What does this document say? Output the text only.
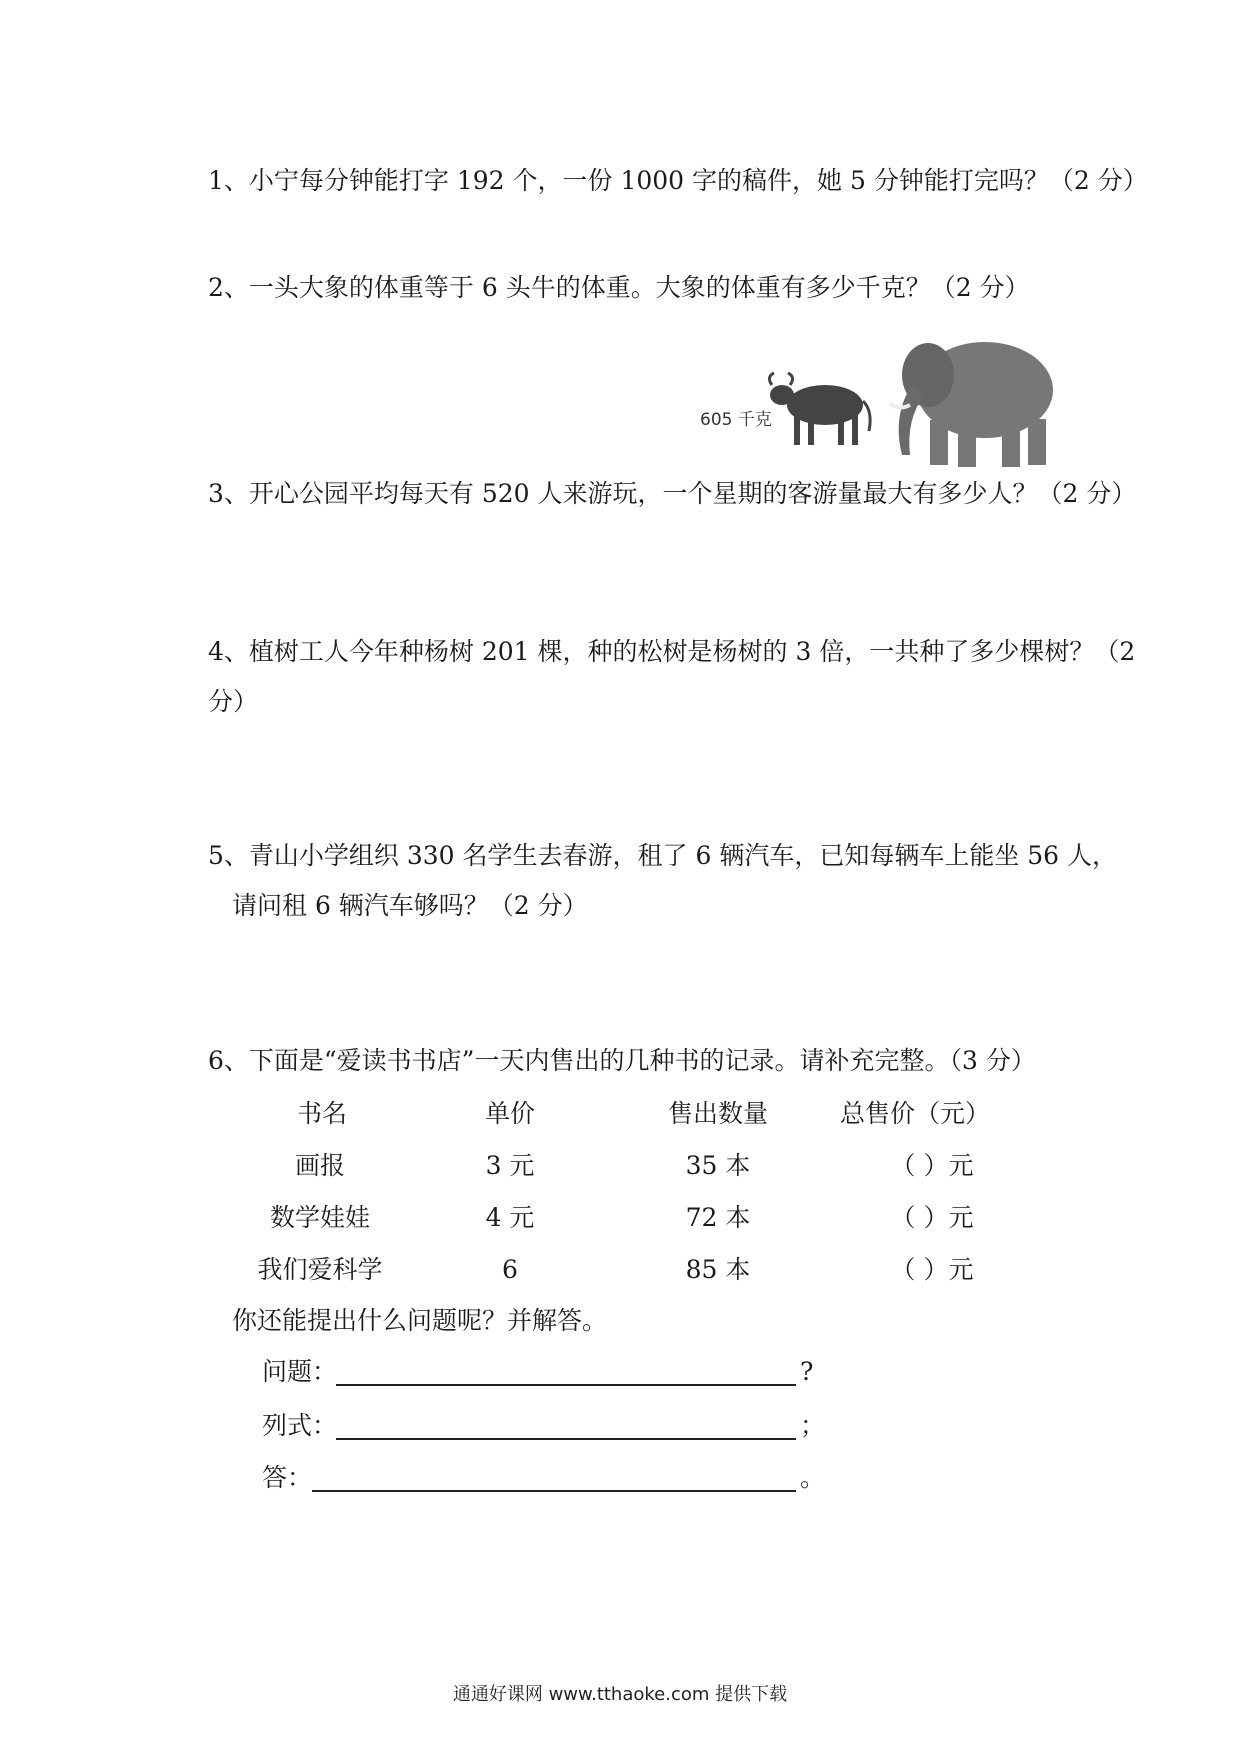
1、小宁每分钟能打字 192 个，一份 1000 字的稿件，她 5 分钟能打完吗？（2 分）
2、一头大象的体重等于 6 头牛的体重。大象的体重有多少千克？（2 分）
605 千克
3、开心公园平均每天有 520 人来游玩，一个星期的客游量最大有多少人？（2 分）
4、植树工人今年种杨树 201 棵，种的松树是杨树的 3 倍，一共种了多少棵树？（2
分）
5、青山小学组织 330 名学生去春游，租了 6 辆汽车，已知每辆车上能坐 56 人，
请问租 6 辆汽车够吗？（2 分）
6、下面是“爱读书书店”一天内售出的几种书的记录。请补充完整。（3 分）
书名	单价	售出数量	总售价（元）
画报	3 元	35 本	（ ）元
数学娃娃	4 元	72 本	（ ）元
我们爱科学	6	85 本	（ ）元
你还能提出什么问题呢？并解答。
问题：	?
列式：	；
答：	。
通通好课网 www.tthaoke.com 提供下载
